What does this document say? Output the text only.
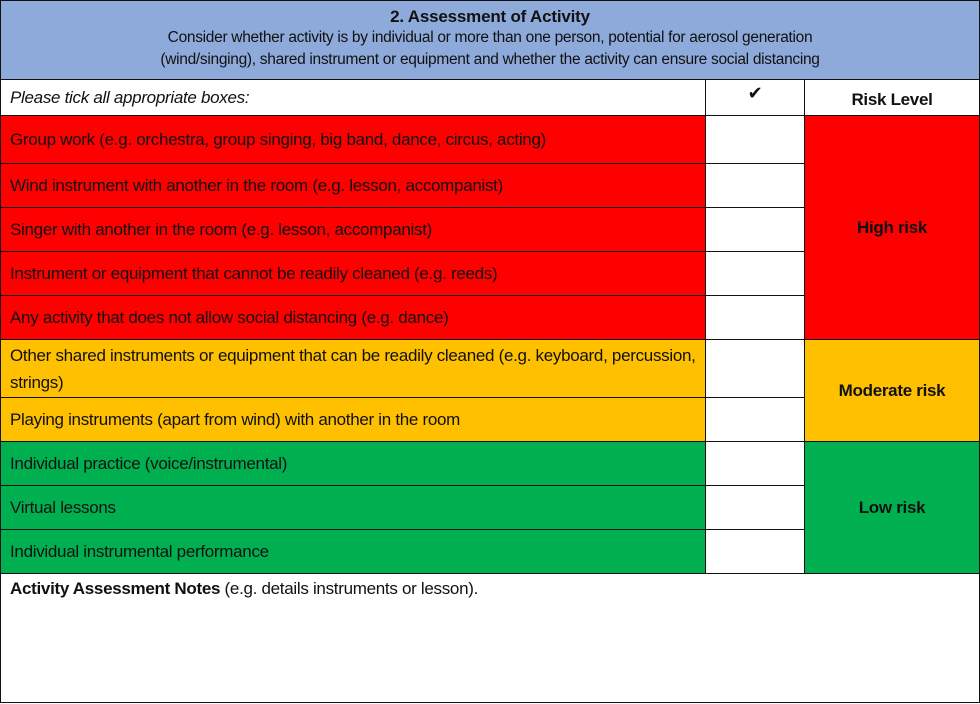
2. Assessment of Activity
Consider whether activity is by individual or more than one person, potential for aerosol generation
(wind/singing), shared instrument or equipment and whether the activity can ensure social distancing
Please tick all appropriate boxes:	✔	Risk Level
Group work (e.g. orchestra, group singing, big band, dance, circus, acting)
Wind instrument with another in the room (e.g. lesson, accompanist)
Singer with another in the room (e.g. lesson, accompanist)
Instrument or equipment that cannot be readily cleaned (e.g. reeds)
Any activity that does not allow social distancing (e.g. dance)
High risk
Other shared instruments or equipment that can be readily cleaned (e.g. keyboard, percussion, strings)
Playing instruments (apart from wind) with another in the room
Moderate risk
Individual practice (voice/instrumental)
Virtual lessons
Individual instrumental performance
Low risk
Activity Assessment Notes (e.g. details instruments or lesson).
